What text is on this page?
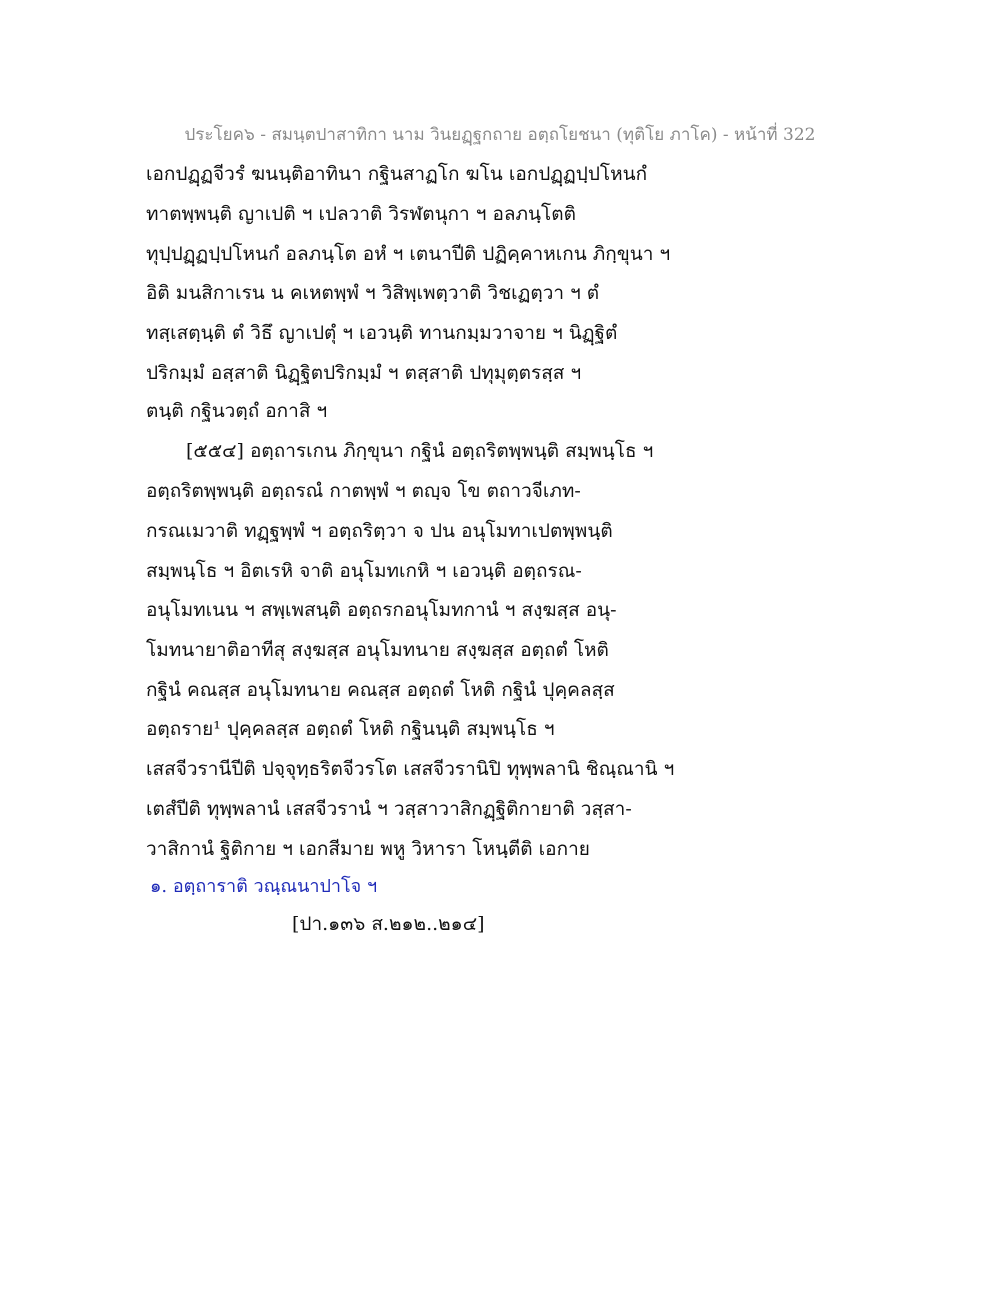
ประโยค๖ - สมนฺตปาสาทิกา นาม วินยฏฺฐกถาย อตฺถโยชนา (ทุติโย ภาโค) - หน้าที่ 322
เอกปฏฺฏจีวรํ ฆนนฺติอาทินา กฐินสาฏโก ฆโน เอกปฏฺฏปฺปโหนกํ
ทาตพฺพนฺติ ญาเปติ ฯ เปลวาติ วิรฬตนุกา ฯ อลภนฺโตติ
ทุปฺปฏฺฏปฺปโหนกํ อลภนฺโต อหํ ฯ เตนาปีติ ปฏิคฺคาหเกน ภิกฺขุนา ฯ
อิติ มนสิกาเรน น คเหตพฺพํ ฯ วิสิพฺเพตฺวาติ วิชเฏตฺวา ฯ ตํ
ทสฺเสตฺนฺติ ตํ วิธึ ญาเปตุํ ฯ เอวนฺติ ทานกมฺมวาจาย ฯ นิฏฺฐิตํ
ปริกมฺมํ อสฺสาติ นิฏฺฐิตปริกมฺมํ ฯ ตสฺสาติ ปทุมุตฺตรสฺส ฯ
ตนฺติ กฐินวตฺถํ อกาสิ ฯ
[๕๕๔] อตฺถารเกน ภิกฺขุนา กฐินํ อตฺถริตพฺพนฺติ สมฺพนฺโธ ฯ
อตฺถริตพฺพนฺติ อตฺถรณํ กาตพฺพํ ฯ ตญฺจ โข ตถาวจีเภท-
กรณเมวาติ ทฏฺฐพฺพํ ฯ อตฺถริตฺวา จ ปน อนุโมทาเปตพฺพนฺติ
สมฺพนฺโธ ฯ อิตเรหิ จาติ อนุโมทเกหิ ฯ เอวนฺติ อตฺถรณ-
อนุโมทเนน ฯ สพฺเพสนฺติ อตฺถรกอนุโมทกานํ ฯ สงฺฆสฺส อนุ-
โมทนายาติอาทีสุ สงฺฆสฺส อนุโมทนาย สงฺฆสฺส อตฺถตํ โหติ
กฐินํ คณสฺส อนุโมทนาย คณสฺส อตฺถตํ โหติ กฐินํ ปุคฺคลสฺส
อตฺถราย¹ ปุคฺคลสฺส อตฺถตํ โหติ กฐินนฺติ สมฺพนฺโธ ฯ
เสสจีวรานีปีติ ปจฺจุทฺธริตจีวรโต เสสจีวรานิปิ ทุพฺพลานิ ชิณฺณานิ ฯ
เตสํปีติ ทุพฺพลานํ เสสจีวรานํ ฯ วสฺสาวาสิกฏฺฐิติกายาติ วสฺสา-
วาสิกานํ ฐิติกาย ฯ เอกสีมาย พหู วิหารา โหนฺตีติ เอกาย
๑. อตฺถาราติ วณฺณนาปาโจ ฯ
[ปา.๑๓๖ ส.๒๑๒..๒๑๔]
